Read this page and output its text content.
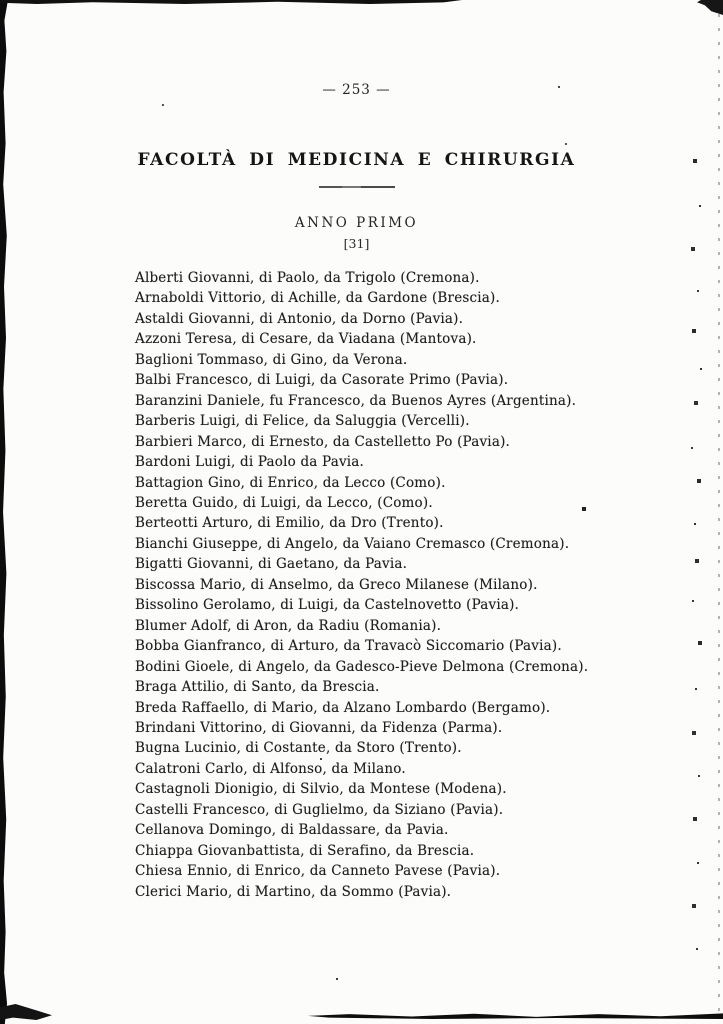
— 253 —
FACOLTÀ DI MEDICINA E CHIRURGIA
ANNO PRIMO
[31]
Alberti Giovanni, di Paolo, da Trigolo (Cremona).
Arnaboldi Vittorio, di Achille, da Gardone (Brescia).
Astaldi Giovanni, di Antonio, da Dorno (Pavia).
Azzoni Teresa, di Cesare, da Viadana (Mantova).
Baglioni Tommaso, di Gino, da Verona.
Balbi Francesco, di Luigi, da Casorate Primo (Pavia).
Baranzini Daniele, fu Francesco, da Buenos Ayres (Argentina).
Barberis Luigi, di Felice, da Saluggia (Vercelli).
Barbieri Marco, di Ernesto, da Castelletto Po (Pavia).
Bardoni Luigi, di Paolo da Pavia.
Battagion Gino, di Enrico, da Lecco (Como).
Beretta Guido, di Luigi, da Lecco, (Como).
Berteotti Arturo, di Emilio, da Dro (Trento).
Bianchi Giuseppe, di Angelo, da Vaiano Cremasco (Cremona).
Bigatti Giovanni, di Gaetano, da Pavia.
Biscossa Mario, di Anselmo, da Greco Milanese (Milano).
Bissolino Gerolamo, di Luigi, da Castelnovetto (Pavia).
Blumer Adolf, di Aron, da Radiu (Romania).
Bobba Gianfranco, di Arturo, da Travacò Siccomario (Pavia).
Bodini Gioele, di Angelo, da Gadesco-Pieve Delmona (Cremona).
Braga Attilio, di Santo, da Brescia.
Breda Raffaello, di Mario, da Alzano Lombardo (Bergamo).
Brindani Vittorino, di Giovanni, da Fidenza (Parma).
Bugna Lucinio, di Costante, da Storo (Trento).
Calatroni Carlo, di Alfonso, da Milano.
Castagnoli Dionigio, di Silvio, da Montese (Modena).
Castelli Francesco, di Guglielmo, da Siziano (Pavia).
Cellanova Domingo, di Baldassare, da Pavia.
Chiappa Giovanbattista, di Serafino, da Brescia.
Chiesa Ennio, di Enrico, da Canneto Pavese (Pavia).
Clerici Mario, di Martino, da Sommo (Pavia).
